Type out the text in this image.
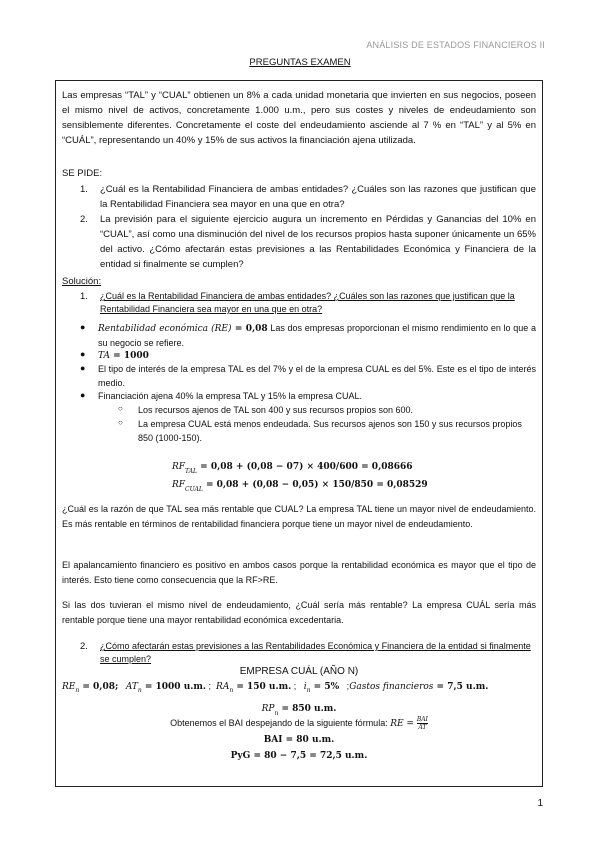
ANÁLISIS DE ESTADOS FINANCIEROS II
PREGUNTAS EXAMEN
Las empresas “TAL” y “CUAL” obtienen un 8% a cada unidad monetaria que invierten en sus negocios, poseen el mismo nivel de activos, concretamente 1.000 u.m., pero sus costes y niveles de endeudamiento son sensiblemente diferentes. Concretamente el coste del endeudamiento asciende al 7 % en “TAL” y al 5% en “CUÁL”, representando un 40% y 15% de sus activos la financiación ajena utilizada.
SE PIDE:
1. ¿Cuál es la Rentabilidad Financiera de ambas entidades? ¿Cuáles son las razones que justifican que la Rentabilidad Financiera sea mayor en una que en otra?
2. La previsión para el siguiente ejercicio augura un incremento en Pérdidas y Ganancias del 10% en “CUAL”, así como una disminución del nivel de los recursos propios hasta suponer únicamente un 65% del activo. ¿Cómo afectarán estas previsiones a las Rentabilidades Económica y Financiera de la entidad si finalmente se cumplen?
Solución:
1. ¿Cuál es la Rentabilidad Financiera de ambas entidades? ¿Cuáles son las razones que justifican que la Rentabilidad Financiera sea mayor en una que en otra?
● Rentabilidad económica (RE) = 0,08 Las dos empresas proporcionan el mismo rendimiento en lo que a su negocio se refiere.
● TA = 1000
● El tipo de interés de la empresa TAL es del 7% y el de la empresa CUAL es del 5%. Este es el tipo de interés medio.
● Financiación ajena 40% la empresa TAL y 15% la empresa CUAL.
○ Los recursos ajenos de TAL son 400 y sus recursos propios son 600.
○ La empresa CUAL está menos endeudada. Sus recursos ajenos son 150 y sus recursos propios 850 (1000-150).
$RF_{TAL} = 0,08 + (0,08 - 07) \times 400/600 = 0,08666$
$RF_{CUAL} = 0,08 + (0,08 - 0,05) \times 150/850 = 0,08529$
¿Cuál es la razón de que TAL sea más rentable que CUAL? La empresa TAL tiene un mayor nivel de endeudamiento. Es más rentable en términos de rentabilidad financiera porque tiene un mayor nivel de endeudamiento.
El apalancamiento financiero es positivo en ambos casos porque la rentabilidad económica es mayor que el tipo de interés. Esto tiene como consecuencia que la RF>RE.
Si las dos tuvieran el mismo nivel de endeudamiento, ¿Cuál sería más rentable? La empresa CUÁL sería más rentable porque tiene una mayor rentabilidad económica excedentaria.
2. ¿Cómo afectarán estas previsiones a las Rentabilidades Económica y Financiera de la entidad si finalmente se cumplen?
EMPRESA CUÁL (AÑO N)
$RE_n = 0,08$; $AT_n = 1000$ u.m. ;  $RA_n = 150$ u.m. ;   $i_n = 5\%$   ;Gastos financieros = 7,5 u.m.
$RP_n = 850$ u.m.
Obtenemos el BAI despejando de la siguiente fórmula: RE = BAI
AT
BAI = 80 u.m.
PyG = 80 − 7,5 = 72,5 u.m.
1
